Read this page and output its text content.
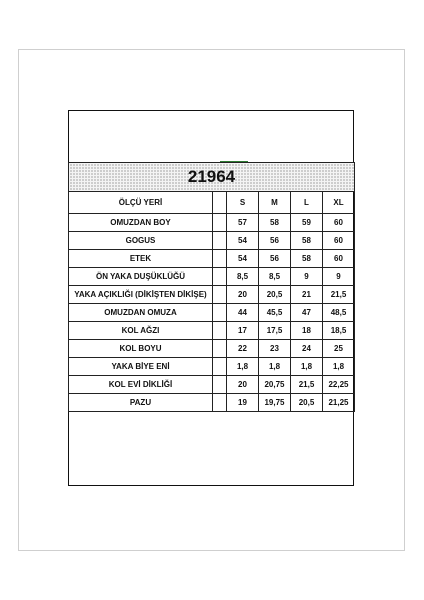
21964					
ÖLÇÜ YERİ		S	M	L	XL
OMUZDAN BOY		57	58	59	60
GOGUS		54	56	58	60
ETEK		54	56	58	60
ÖN YAKA DUŞÜKLÜĞÜ		8,5	8,5	9	9
YAKA AÇIKLIĞI (DİKİŞTEN DİKİŞE)		20	20,5	21	21,5
OMUZDAN OMUZA		44	45,5	47	48,5
KOL AĞZI		17	17,5	18	18,5
KOL BOYU		22	23	24	25
YAKA BİYE ENİ		1,8	1,8	1,8	1,8
KOL EVİ DİKLİĞİ		20	20,75	21,5	22,25
PAZU		19	19,75	20,5	21,25
